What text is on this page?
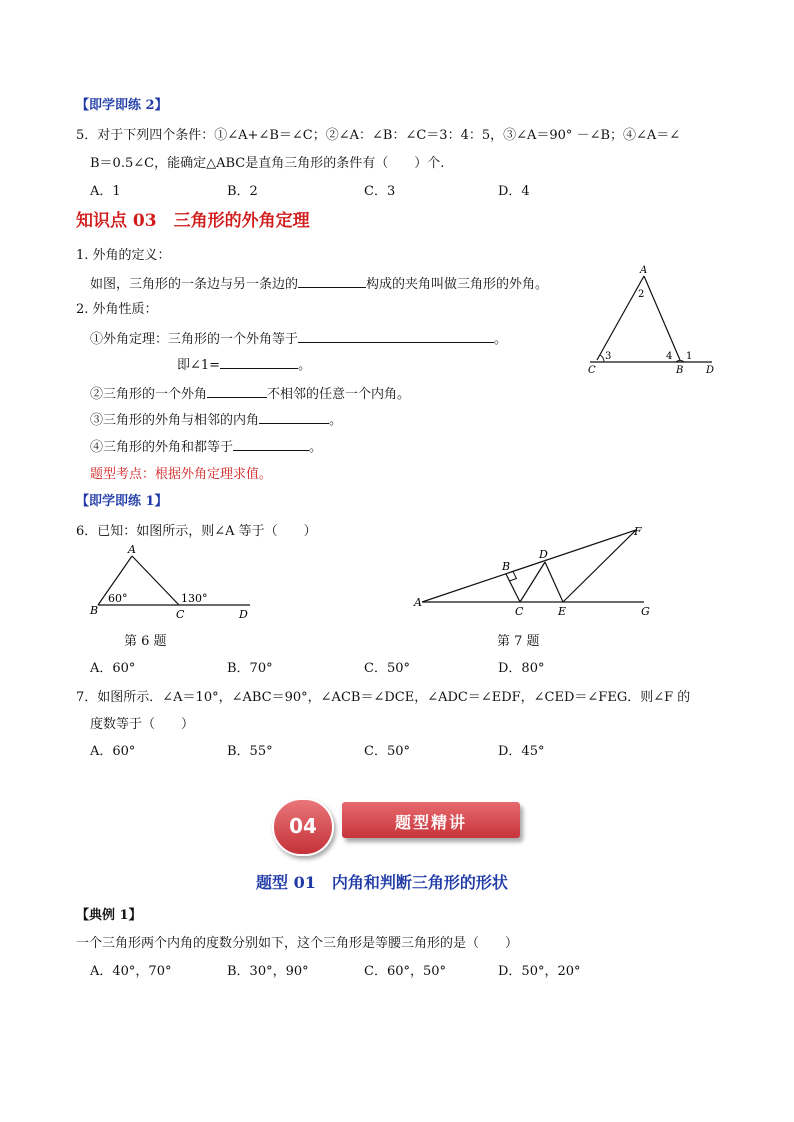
【即学即练 2】
5．对于下列四个条件：①∠A+∠B＝∠C；②∠A：∠B：∠C＝3：4：5，③∠A＝90° －∠B；④∠A＝∠
B＝0.5∠C，能确定△ABC是直角三角形的条件有（　　）个.
A．1	B．2	C．3	D．4
知识点 03　三角形的外角定理
1. 外角的定义：
如图，三角形的一条边与另一条边的	构成的夹角叫做三角形的外角。
2. 外角性质：
①外角定理：三角形的一个外角等于	。
即∠1=	。
②三角形的一个外角	不相邻的任意一个内角。
③三角形的外角与相邻的内角	。
④三角形的外角和都等于	。
题型考点：根据外角定理求值。
A
2
3	4 1
C	B D
【即学即练 1】
6．已知：如图所示，则∠A 等于（　　）
A
B	C	D
60°	130°
第 6 题
A
B
C
D
E
F
G
第 7 题
A．60°	B．70°	C．50°	D．80°
7．如图所示．∠A＝10°，∠ABC＝90°，∠ACB＝∠DCE，∠ADC＝∠EDF，∠CED＝∠FEG．则∠F 的
度数等于（　　）
A．60°	B．55°	C．50°	D．45°
题型精讲
04
题型 01　内角和判断三角形的形状
【典例 1】
一个三角形两个内角的度数分别如下，这个三角形是等腰三角形的是（　　）
A．40°，70°	B．30°，90°	C．60°，50°	D．50°，20°
